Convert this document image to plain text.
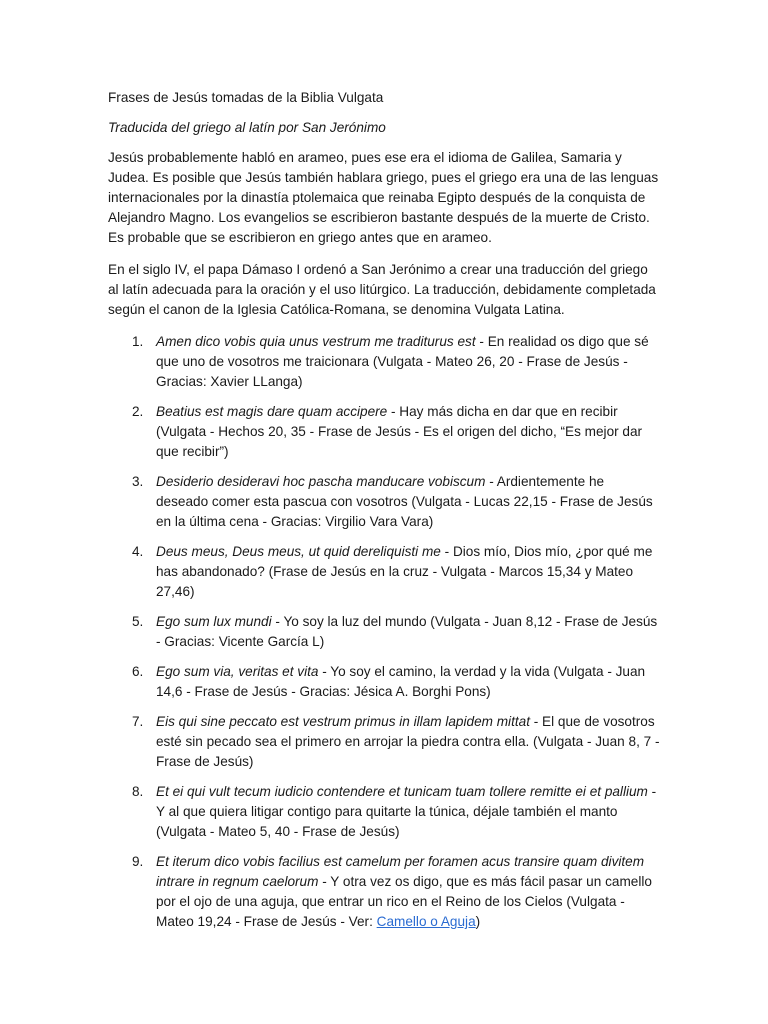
Frases de Jesús tomadas de la Biblia Vulgata

Traducida del griego al latín por San Jerónimo

Jesús probablemente habló en arameo, pues ese era el idioma de Galilea, Samaria y Judea. Es posible que Jesús también hablara griego, pues el griego era una de las lenguas internacionales por la dinastía ptolemaica que reinaba Egipto después de la conquista de Alejandro Magno. Los evangelios se escribieron bastante después de la muerte de Cristo. Es probable que se escribieron en griego antes que en arameo.

En el siglo IV, el papa Dámaso I ordenó a San Jerónimo a crear una traducción del griego al latín adecuada para la oración y el uso litúrgico. La traducción, debidamente completada según el canon de la Iglesia Católica-Romana, se denomina Vulgata Latina.

1. Amen dico vobis quia unus vestrum me traditurus est - En realidad os digo que sé que uno de vosotros me traicionara (Vulgata - Mateo 26, 20 - Frase de Jesús - Gracias: Xavier LLanga)
2. Beatius est magis dare quam accipere - Hay más dicha en dar que en recibir (Vulgata - Hechos 20, 35 - Frase de Jesús - Es el origen del dicho, “Es mejor dar que recibir”)
3. Desiderio desideravi hoc pascha manducare vobiscum - Ardientemente he deseado comer esta pascua con vosotros (Vulgata - Lucas 22,15 - Frase de Jesús en la última cena - Gracias: Virgilio Vara Vara)
4. Deus meus, Deus meus, ut quid dereliquisti me - Dios mío, Dios mío, ¿por qué me has abandonado? (Frase de Jesús en la cruz - Vulgata - Marcos 15,34 y Mateo 27,46)
5. Ego sum lux mundi - Yo soy la luz del mundo (Vulgata - Juan 8,12 - Frase de Jesús - Gracias: Vicente García L)
6. Ego sum via, veritas et vita - Yo soy el camino, la verdad y la vida (Vulgata - Juan 14,6 - Frase de Jesús - Gracias: Jésica A. Borghi Pons)
7. Eis qui sine peccato est vestrum primus in illam lapidem mittat - El que de vosotros esté sin pecado sea el primero en arrojar la piedra contra ella. (Vulgata - Juan 8, 7 - Frase de Jesús)
8. Et ei qui vult tecum iudicio contendere et tunicam tuam tollere remitte ei et pallium - Y al que quiera litigar contigo para quitarte la túnica, déjale también el manto (Vulgata - Mateo 5, 40 - Frase de Jesús)
9. Et iterum dico vobis facilius est camelum per foramen acus transire quam divitem intrare in regnum caelorum - Y otra vez os digo, que es más fácil pasar un camello por el ojo de una aguja, que entrar un rico en el Reino de los Cielos (Vulgata - Mateo 19,24 - Frase de Jesús - Ver: Camello o Aguja)
